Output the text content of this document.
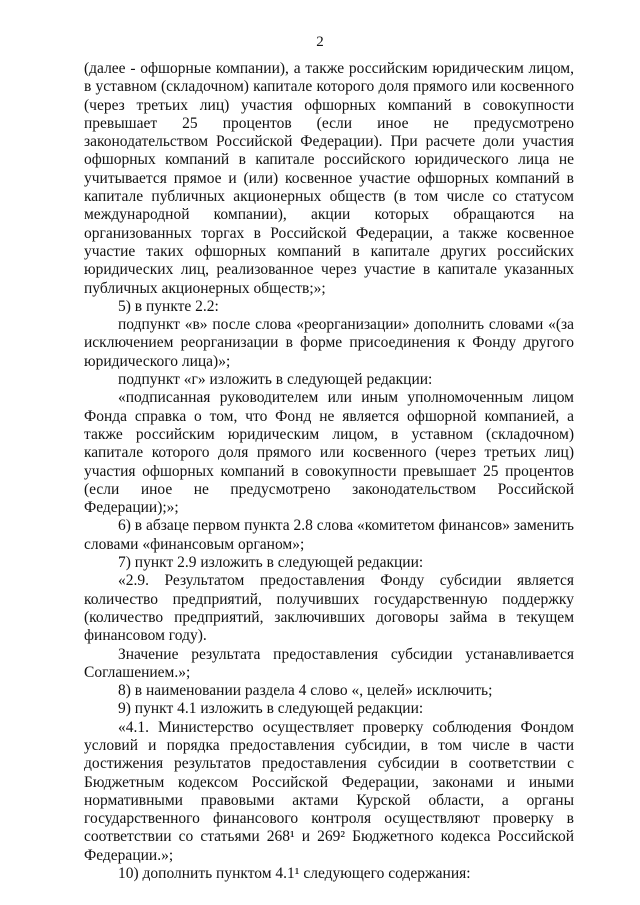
2

(далее - офшорные компании), а также российским юридическим лицом, в уставном (складочном) капитале которого доля прямого или косвенного (через третьих лиц) участия офшорных компаний в совокупности превышает 25 процентов (если иное не предусмотрено законодательством Российской Федерации). При расчете доли участия офшорных компаний в капитале российского юридического лица не учитывается прямое и (или) косвенное участие офшорных компаний в капитале публичных акционерных обществ (в том числе со статусом международной компании), акции которых обращаются на организованных торгах в Российской Федерации, а также косвенное участие таких офшорных компаний в капитале других российских юридических лиц, реализованное через участие в капитале указанных публичных акционерных обществ;»;

5) в пункте 2.2:

подпункт «в» после слова «реорганизации» дополнить словами «(за исключением реорганизации в форме присоединения к Фонду другого юридического лица)»;

подпункт «г» изложить в следующей редакции:

«подписанная руководителем или иным уполномоченным лицом Фонда справка о том, что Фонд не является офшорной компанией, а также российским юридическим лицом, в уставном (складочном) капитале которого доля прямого или косвенного (через третьих лиц) участия офшорных компаний в совокупности превышает 25 процентов (если иное не предусмотрено законодательством Российской Федерации);»;

6) в абзаце первом пункта 2.8 слова «комитетом финансов» заменить словами «финансовым органом»;

7) пункт 2.9 изложить в следующей редакции:

«2.9. Результатом предоставления Фонду субсидии является количество предприятий, получивших государственную поддержку (количество предприятий, заключивших договоры займа в текущем финансовом году).

Значение результата предоставления субсидии устанавливается Соглашением.»;

8) в наименовании раздела 4 слово «, целей» исключить;

9) пункт 4.1 изложить в следующей редакции:

«4.1. Министерство осуществляет проверку соблюдения Фондом условий и порядка предоставления субсидии, в том числе в части достижения результатов предоставления субсидии в соответствии с Бюджетным кодексом Российской Федерации, законами и иными нормативными правовыми актами Курской области, а органы государственного финансового контроля осуществляют проверку в соответствии со статьями 268¹ и 269² Бюджетного кодекса Российской Федерации.»;

10) дополнить пунктом 4.1¹ следующего содержания:
